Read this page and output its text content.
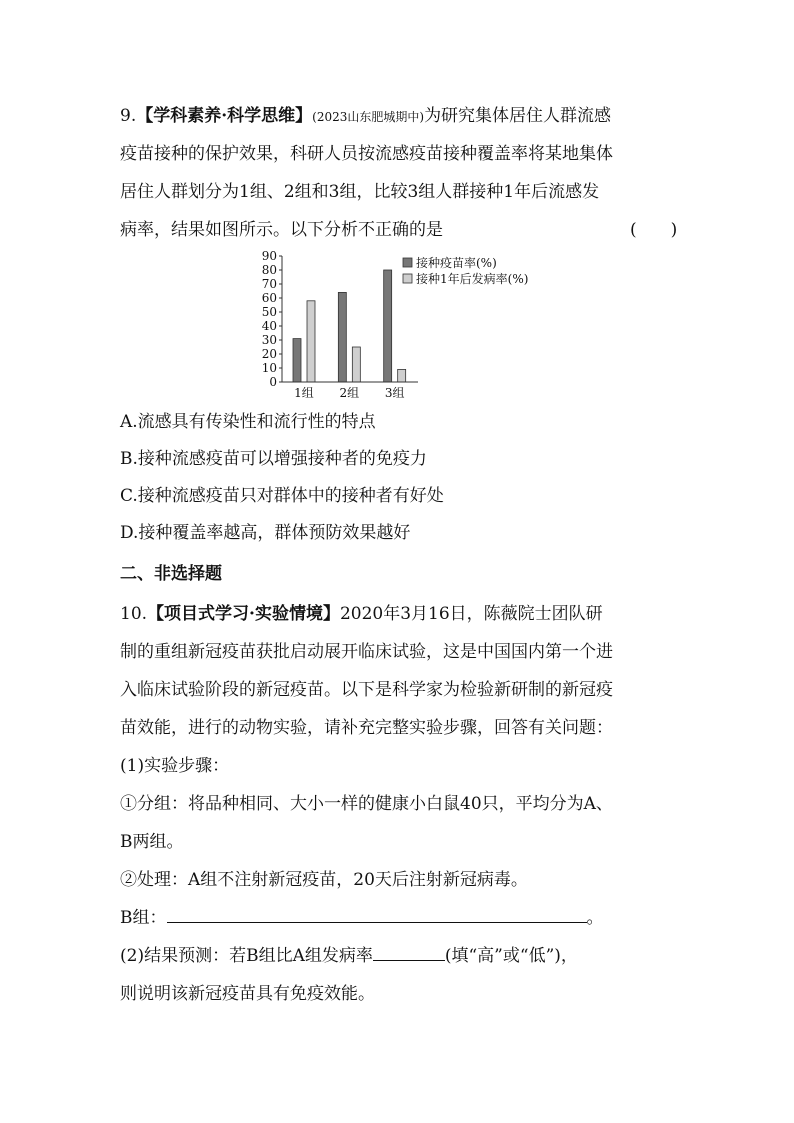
9.【学科素养·科学思维】(2023山东肥城期中)为研究集体居住人群流感
疫苗接种的保护效果，科研人员按流感疫苗接种覆盖率将某地集体
居住人群划分为1组、2组和3组，比较3组人群接种1年后流感发
病率，结果如图所示。以下分析不正确的是	(　　)
0
10
20
30
40
50
60
70
80
90
1组 2组 3组
接种疫苗率(%)
接种1年后发病率(%)
A.流感具有传染性和流行性的特点
B.接种流感疫苗可以增强接种者的免疫力
C.接种流感疫苗只对群体中的接种者有好处
D.接种覆盖率越高，群体预防效果越好
二、非选择题
10.【项目式学习·实验情境】2020年3月16日，陈薇院士团队研
制的重组新冠疫苗获批启动展开临床试验，这是中国国内第一个进
入临床试验阶段的新冠疫苗。以下是科学家为检验新研制的新冠疫
苗效能，进行的动物实验，请补充完整实验步骤，回答有关问题：
(1)实验步骤：
①分组：将品种相同、大小一样的健康小白鼠40只，平均分为A、
B两组。
②处理：A组不注射新冠疫苗，20天后注射新冠病毒。
B组：	。
(2)结果预测：若B组比A组发病率	(填“高”或“低”)，
则说明该新冠疫苗具有免疫效能。
